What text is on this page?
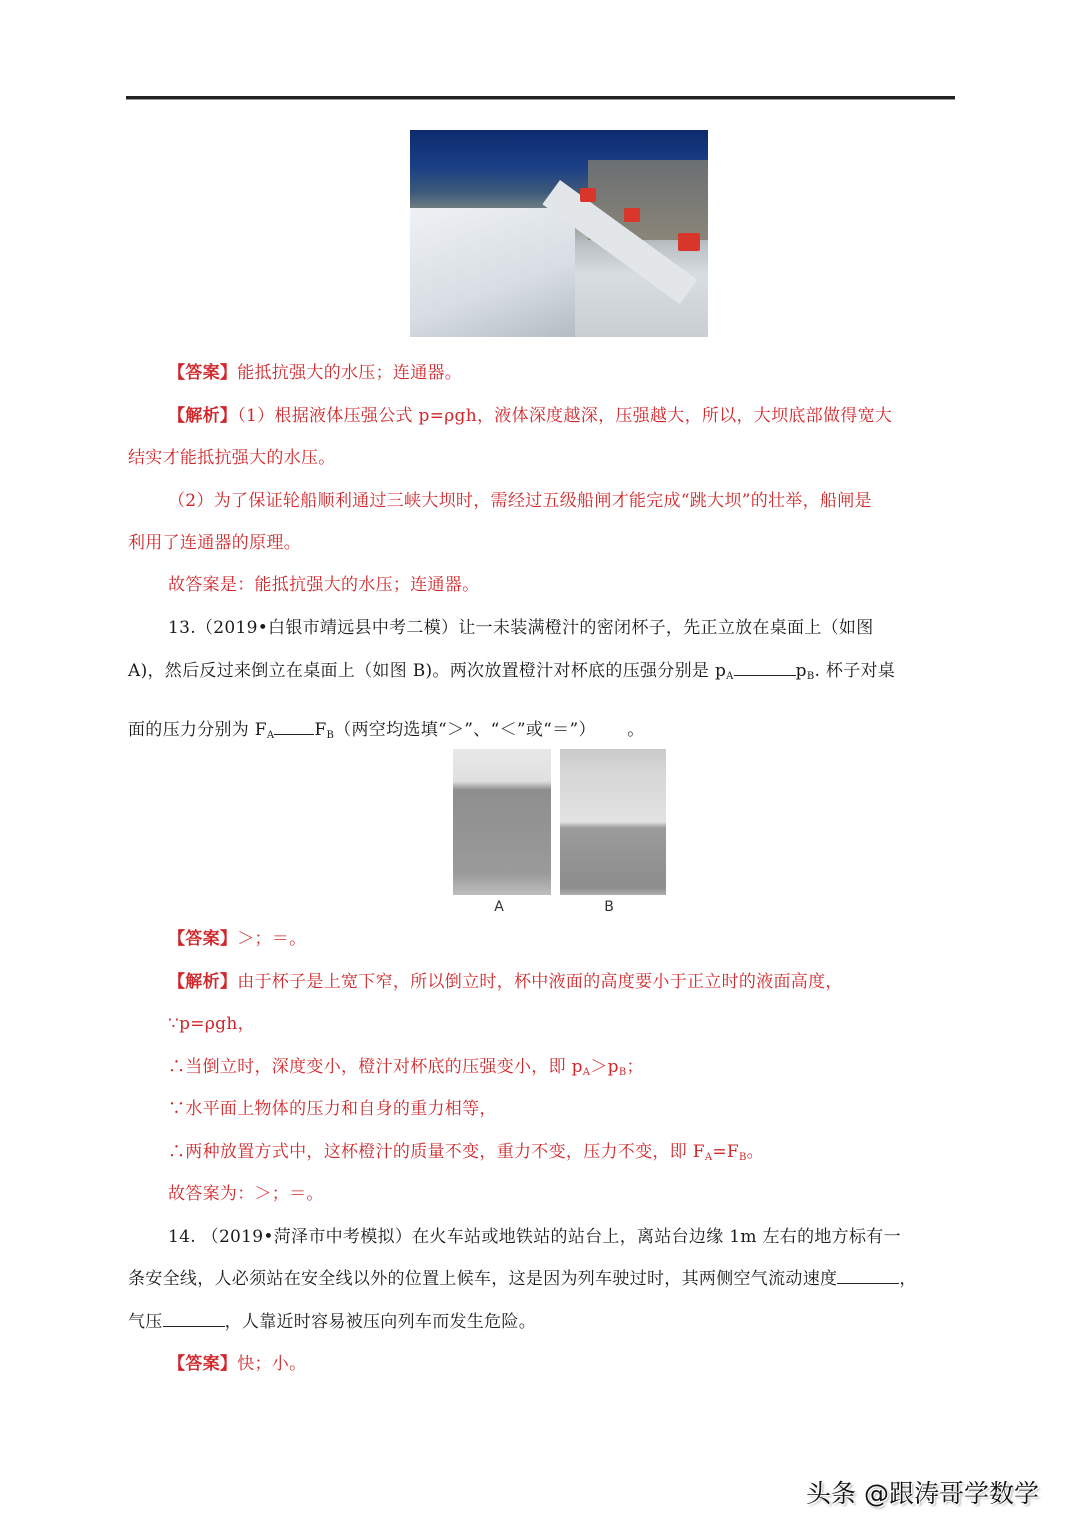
【答案】能抵抗强大的水压；连通器。
【解析】（1）根据液体压强公式 p=ρgh，液体深度越深，压强越大，所以，大坝底部做得宽大
结实才能抵抗强大的水压。
（2）为了保证轮船顺利通过三峡大坝时，需经过五级船闸才能完成“跳大坝”的壮举，船闸是
利用了连通器的原理。
故答案是：能抵抗强大的水压；连通器。
13.（2019•白银市靖远县中考二模）让一未装满橙汁的密闭杯子，先正立放在桌面上（如图
A)，然后反过来倒立在桌面上（如图 B)。两次放置橙汁对杯底的压强分别是 $p_A$	$p_B$. 杯子对桌
面的压力分别为 $F_A$ $F_B$（两空均选填“＞”、“＜”或“＝”） 。
A	B
【答案】＞；＝。
【解析】由于杯子是上宽下窄，所以倒立时，杯中液面的高度要小于正立时的液面高度，
∵p=ρgh，
∴当倒立时，深度变小，橙汁对杯底的压强变小，即 $p_A>p_B$；
∵水平面上物体的压力和自身的重力相等，
∴两种放置方式中，这杯橙汁的质量不变，重力不变，压力不变，即 $F_A=F_B$。
故答案为：＞；＝。
14. （2019•菏泽市中考模拟）在火车站或地铁站的站台上，离站台边缘 1m 左右的地方标有一
条安全线，人必须站在安全线以外的位置上候车，这是因为列车驶过时，其两侧空气流动速度	，
气压	，人靠近时容易被压向列车而发生危险。
【答案】快；小。
头条 @跟涛哥学数学
